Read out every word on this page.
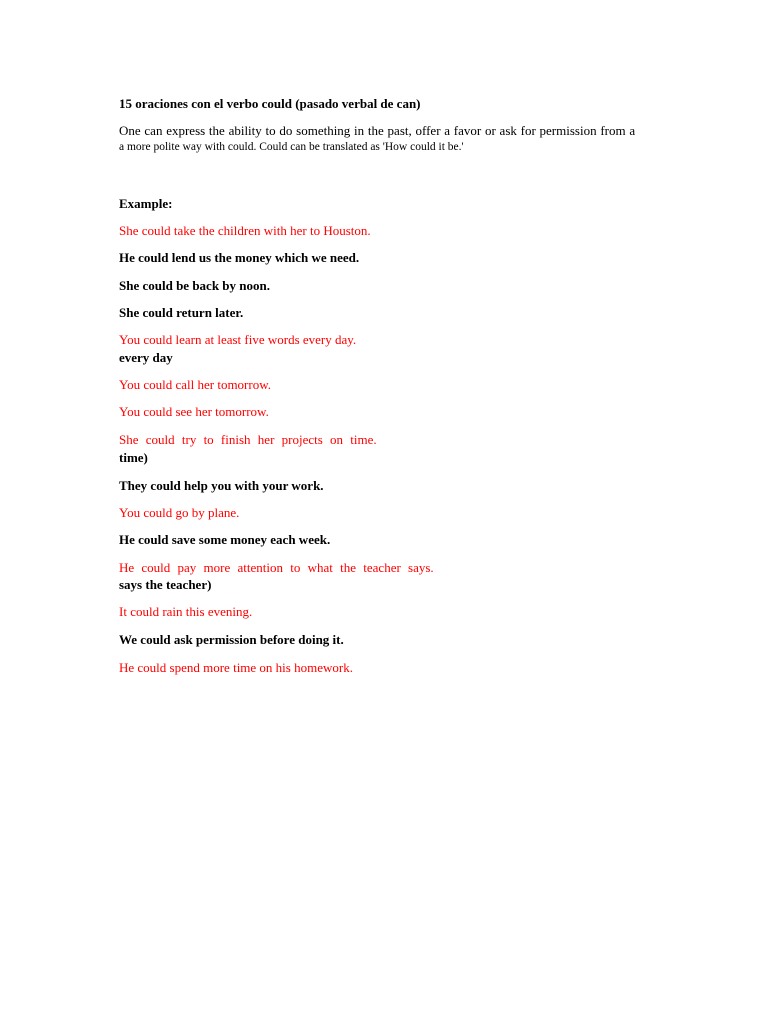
15 oraciones con el verbo could (pasado verbal de can)

One can express the ability to do something in the past, offer a favor or ask for permission from a

a more polite way with could. Could can be translated as 'How could it be.'

Example:

She could take the children with her to Houston.

He could lend us the money which we need.

She could be back by noon.

She could return later.

You could learn at least five words every day.

every day

You could call her tomorrow.

You could see her tomorrow.

She could try to finish her projects on time.

time)

They could help you with your work.

You could go by plane.

He could save some money each week.

He could pay more attention to what the teacher says.

says the teacher)

It could rain this evening.

We could ask permission before doing it.

He could spend more time on his homework.
